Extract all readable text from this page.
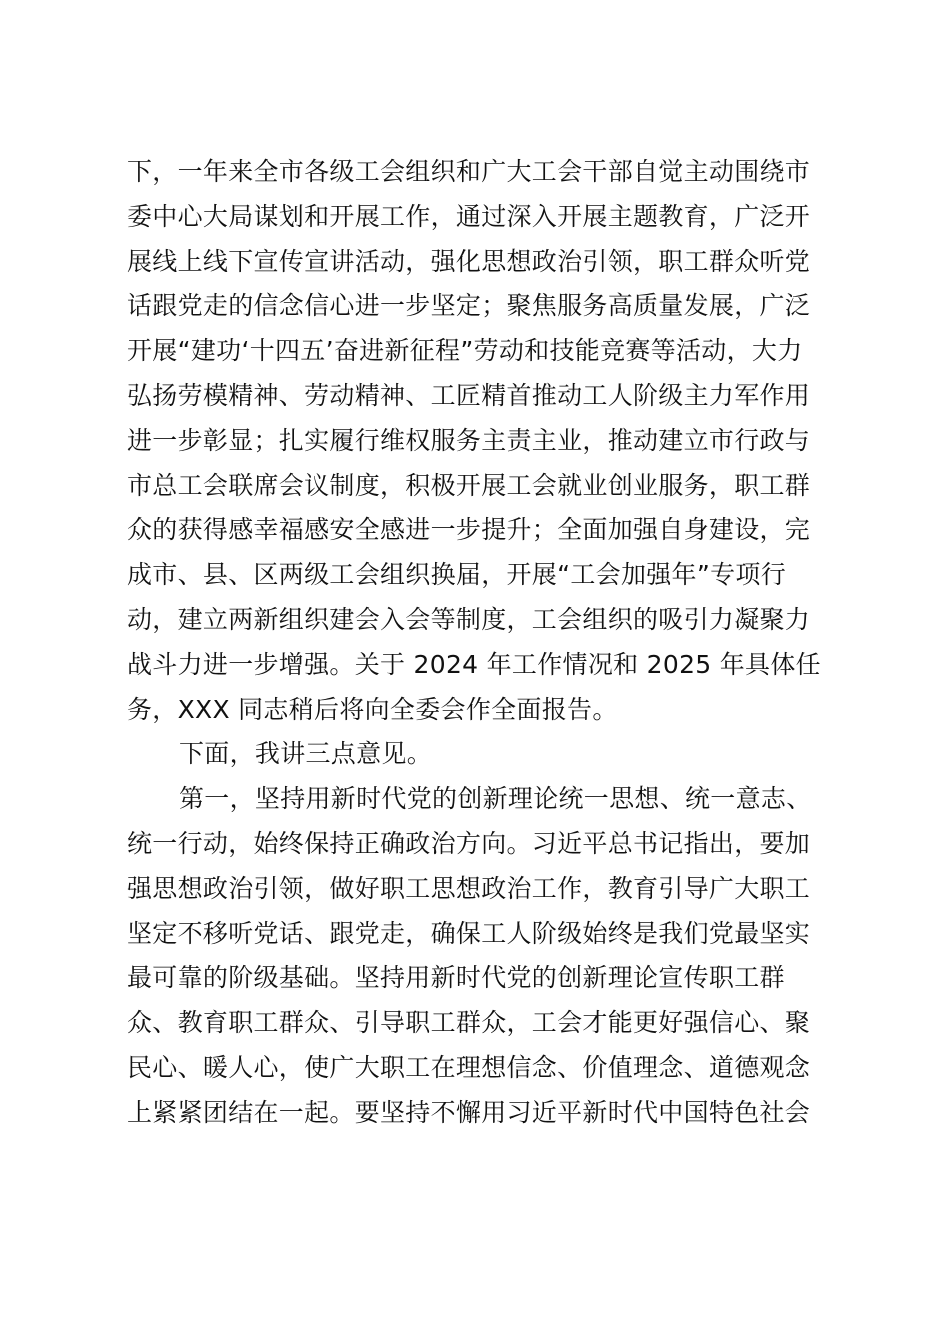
下，一年来全市各级工会组织和广大工会干部自觉主动围绕市
委中心大局谋划和开展工作，通过深入开展主题教育，广泛开
展线上线下宣传宣讲活动，强化思想政治引领，职工群众听党
话跟党走的信念信心进一步坚定；聚焦服务高质量发展，广泛
开展“建功‘十四五’奋进新征程”劳动和技能竞赛等活动，大力
弘扬劳模精神、劳动精神、工匠精首推动工人阶级主力军作用
进一步彰显；扎实履行维权服务主责主业，推动建立市行政与
市总工会联席会议制度，积极开展工会就业创业服务，职工群
众的获得感幸福感安全感进一步提升；全面加强自身建设，完
成市、县、区两级工会组织换届，开展“工会加强年”专项行
动，建立两新组织建会入会等制度，工会组织的吸引力凝聚力
战斗力进一步增强。关于 2024 年工作情况和 2025 年具体任
务，XXX 同志稍后将向全委会作全面报告。
下面，我讲三点意见。
第一，坚持用新时代党的创新理论统一思想、统一意志、
统一行动，始终保持正确政治方向。习近平总书记指出，要加
强思想政治引领，做好职工思想政治工作，教育引导广大职工
坚定不移听党话、跟党走，确保工人阶级始终是我们党最坚实
最可靠的阶级基础。坚持用新时代党的创新理论宣传职工群
众、教育职工群众、引导职工群众，工会才能更好强信心、聚
民心、暖人心，使广大职工在理想信念、价值理念、道德观念
上紧紧团结在一起。要坚持不懈用习近平新时代中国特色社会
